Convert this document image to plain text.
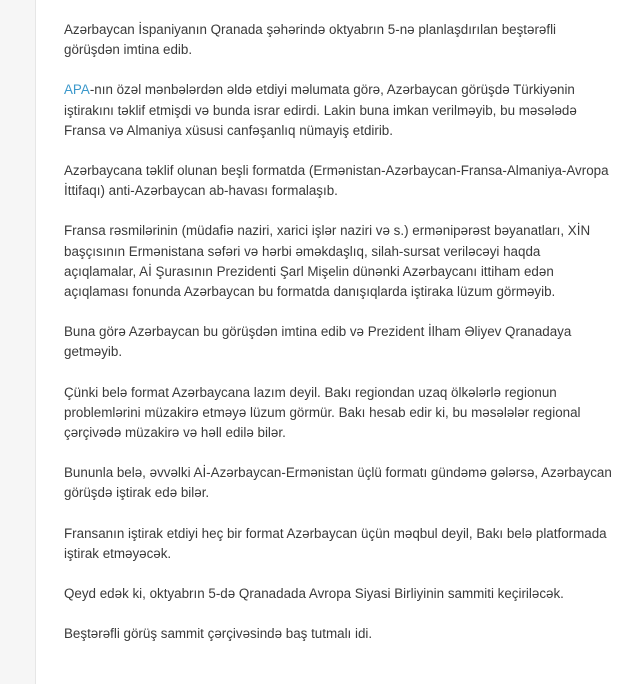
Azərbaycan İspaniyanın Qranada şəhərində oktyabrın 5-nə planlaşdırılan beştərəfli görüşdən imtina edib.

APA-nın özəl mənbələrdən əldə etdiyi məlumata görə, Azərbaycan görüşdə Türkiyənin iştirakını təklif etmişdi və bunda israr edirdi. Lakin buna imkan verilməyib, bu məsələdə Fransa və Almaniya xüsusi canfəşanlıq nümayiş etdirib.

Azərbaycana təklif olunan beşli formatda (Ermənistan-Azərbaycan-Fransa-Almaniya-Avropa İttifaqı) anti-Azərbaycan ab-havası formalaşıb.

Fransa rəsmilərinin (müdafiə naziri, xarici işlər naziri və s.) ermənipərəst bəyanatları, XİN başçısının Ermənistana səfəri və hərbi əməkdaşlıq, silah-sursat veriləcəyi haqda açıqlamalar, Aİ Şurasının Prezidenti Şarl Mişelin dünənki Azərbaycanı ittiham edən açıqlaması fonunda Azərbaycan bu formatda danışıqlarda iştiraka lüzum görməyib.

Buna görə Azərbaycan bu görüşdən imtina edib və Prezident İlham Əliyev Qranadaya getməyib.

Çünki belə format Azərbaycana lazım deyil. Bakı regiondan uzaq ölkələrlə regionun problemlərini müzakirə etməyə lüzum görmür. Bakı hesab edir ki, bu məsələlər regional çərçivədə müzakirə və həll edilə bilər.

Bununla belə, əvvəlki Aİ-Azərbaycan-Ermənistan üçlü formatı gündəmə gələrsə, Azərbaycan görüşdə iştirak edə bilər.

Fransanın iştirak etdiyi heç bir format Azərbaycan üçün məqbul deyil, Bakı belə platformada iştirak etməyəcək.

Qeyd edək ki, oktyabrın 5-də Qranadada Avropa Siyasi Birliyinin sammiti keçiriləcək.

Beştərəfli görüş sammit çərçivəsində baş tutmalı idi.
